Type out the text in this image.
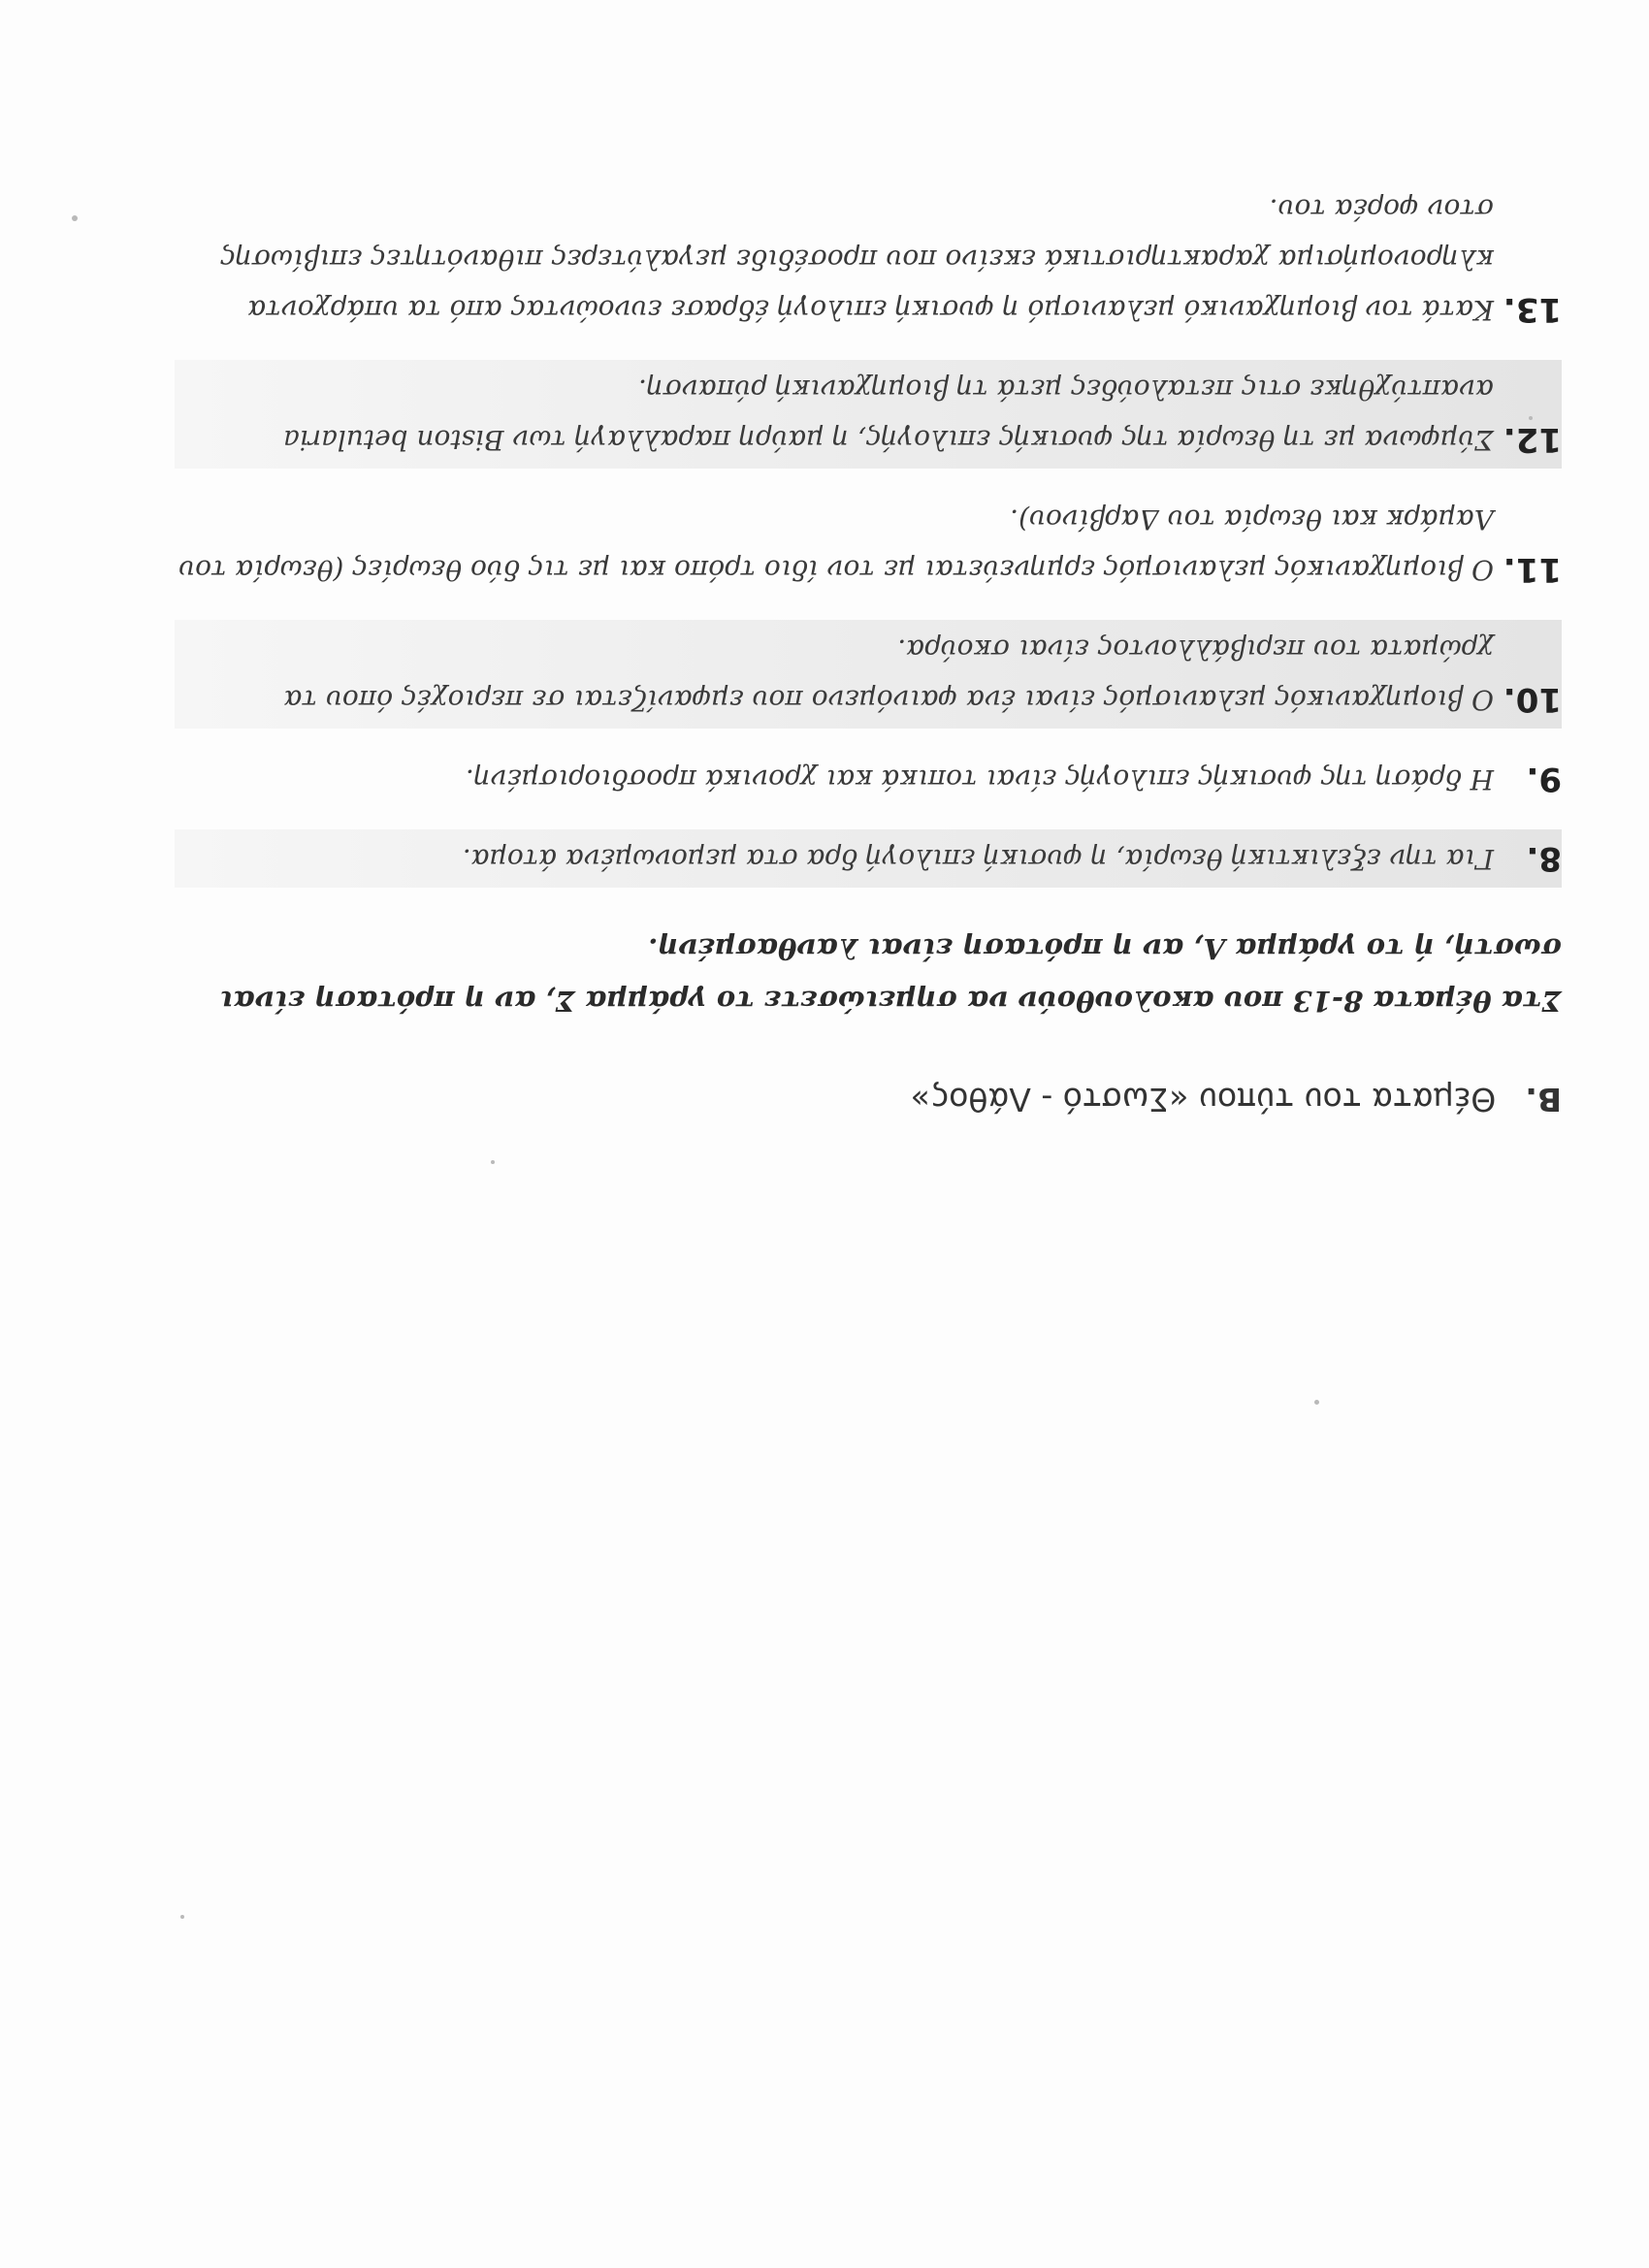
B.
Θέματα του τύπου «Σωστό - Λάθος»

Στα θέματα 8-13 που ακολουθούν να σημειώσετε το γράμμα Σ, αν η πρόταση είναι σωστή, ή το γράμμα Λ, αν η πρόταση είναι λανθασμένη.

8.
Για την εξελικτική θεωρία, η φυσική επιλογή δρα στα μεμονωμένα άτομα.
9.
Η δράση της φυσικής επιλογής είναι τοπικά και χρονικά προσδιορισμένη.
10.
Ο βιομηχανικός μελανισμός είναι ένα φαινόμενο που εμφανίζεται σε περιοχές όπου τα χρώματα του περιβάλλοντος είναι σκούρα.
11.
Ο βιομηχανικός μελανισμός ερμηνεύεται με τον ίδιο τρόπο και με τις δύο θεωρίες (θεωρία του Λαμάρκ και θεωρία του Δαρβίνου).
12.
Σύμφωνα με τη θεωρία της φυσικής επιλογής, η μαύρη παραλλαγή των Biston betularia αναπτύχθηκε στις πεταλούδες μετά τη βιομηχανική ρύπανση.
13.
Κατά τον βιομηχανικό μελανισμό η φυσική επιλογή έδρασε ευνοώντας από τα υπάρχοντα κληρονομήσιμα χαρακτηριστικά εκείνο που προσέδιδε μεγαλύτερες πιθανότητες επιβίωσης στον φορέα του.
